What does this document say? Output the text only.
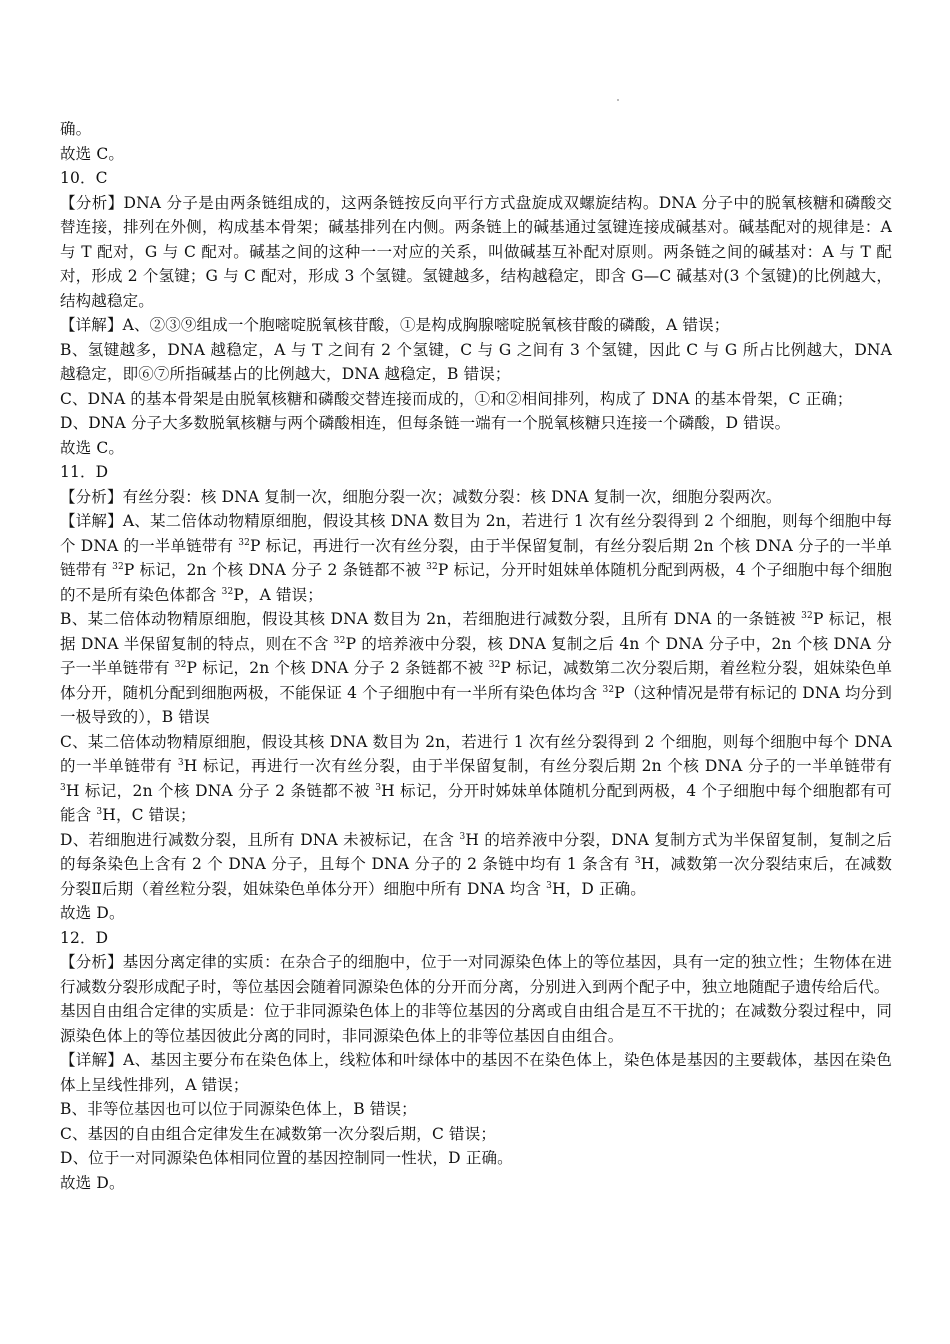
确。
故选 C。
10．C
【分析】DNA 分子是由两条链组成的，这两条链按反向平行方式盘旋成双螺旋结构。DNA 分子中的脱氧核糖和磷酸交替连接，排列在外侧，构成基本骨架；碱基排列在内侧。两条链上的碱基通过氢键连接成碱基对。碱基配对的规律是：A 与 T 配对，G 与 C 配对。碱基之间的这种一一对应的关系，叫做碱基互补配对原则。两条链之间的碱基对：A 与 T 配对，形成 2 个氢键；G 与 C 配对，形成 3 个氢键。氢键越多，结构越稳定，即含 G—C 碱基对(3 个氢键)的比例越大，结构越稳定。
【详解】A、②③⑨组成一个胞嘧啶脱氧核苷酸，①是构成胸腺嘧啶脱氧核苷酸的磷酸，A 错误；
B、氢键越多，DNA 越稳定，A 与 T 之间有 2 个氢键，C 与 G 之间有 3 个氢键，因此 C 与 G 所占比例越大，DNA 越稳定，即⑥⑦所指碱基占的比例越大，DNA 越稳定，B 错误；
C、DNA 的基本骨架是由脱氧核糖和磷酸交替连接而成的，①和②相间排列，构成了 DNA 的基本骨架，C 正确；
D、DNA 分子大多数脱氧核糖与两个磷酸相连，但每条链一端有一个脱氧核糖只连接一个磷酸，D 错误。
故选 C。
11．D
【分析】有丝分裂：核 DNA 复制一次，细胞分裂一次；减数分裂：核 DNA 复制一次，细胞分裂两次。
【详解】A、某二倍体动物精原细胞，假设其核 DNA 数目为 2n，若进行 1 次有丝分裂得到 2 个细胞，则每个细胞中每个 DNA 的一半单链带有 $^{32}$P 标记，再进行一次有丝分裂，由于半保留复制，有丝分裂后期 2n 个核 DNA 分子的一半单链带有 $^{32}$P 标记，2n 个核 DNA 分子 2 条链都不被 $^{32}$P 标记，分开时姐妹单体随机分配到两极，4 个子细胞中每个细胞的不是所有染色体都含 $^{32}$P，A 错误；
B、某二倍体动物精原细胞，假设其核 DNA 数目为 2n，若细胞进行减数分裂，且所有 DNA 的一条链被 $^{32}$P 标记，根据 DNA 半保留复制的特点，则在不含 $^{32}$P 的培养液中分裂，核 DNA 复制之后 4n 个 DNA 分子中，2n 个核 DNA 分子一半单链带有 $^{32}$P 标记，2n 个核 DNA 分子 2 条链都不被 $^{32}$P 标记，减数第二次分裂后期，着丝粒分裂，姐妹染色单体分开，随机分配到细胞两极，不能保证 4 个子细胞中有一半所有染色体均含 $^{32}$P（这种情况是带有标记的 DNA 均分到一极导致的），B 错误
C、某二倍体动物精原细胞，假设其核 DNA 数目为 2n，若进行 1 次有丝分裂得到 2 个细胞，则每个细胞中每个 DNA 的一半单链带有 $^3$H 标记，再进行一次有丝分裂，由于半保留复制，有丝分裂后期 2n 个核 DNA 分子的一半单链带有 $^3$H 标记，2n 个核 DNA 分子 2 条链都不被 $^3$H 标记，分开时姊妹单体随机分配到两极，4 个子细胞中每个细胞都有可能含 $^3$H，C 错误；
D、若细胞进行减数分裂，且所有 DNA 未被标记，在含 $^3$H 的培养液中分裂，DNA 复制方式为半保留复制，复制之后的每条染色上含有 2 个 DNA 分子，且每个 DNA 分子的 2 条链中均有 1 条含有 $^3$H，减数第一次分裂结束后，在减数分裂Ⅱ后期（着丝粒分裂，姐妹染色单体分开）细胞中所有 DNA 均含 $^3$H，D 正确。
故选 D。
12．D
【分析】基因分离定律的实质：在杂合子的细胞中，位于一对同源染色体上的等位基因，具有一定的独立性；生物体在进行减数分裂形成配子时，等位基因会随着同源染色体的分开而分离，分别进入到两个配子中，独立地随配子遗传给后代。
基因自由组合定律的实质是：位于非同源染色体上的非等位基因的分离或自由组合是互不干扰的；在减数分裂过程中，同源染色体上的等位基因彼此分离的同时，非同源染色体上的非等位基因自由组合。
【详解】A、基因主要分布在染色体上，线粒体和叶绿体中的基因不在染色体上，染色体是基因的主要载体，基因在染色体上呈线性排列，A 错误；
B、非等位基因也可以位于同源染色体上，B 错误；
C、基因的自由组合定律发生在减数第一次分裂后期，C 错误；
D、位于一对同源染色体相同位置的基因控制同一性状，D 正确。
故选 D。
